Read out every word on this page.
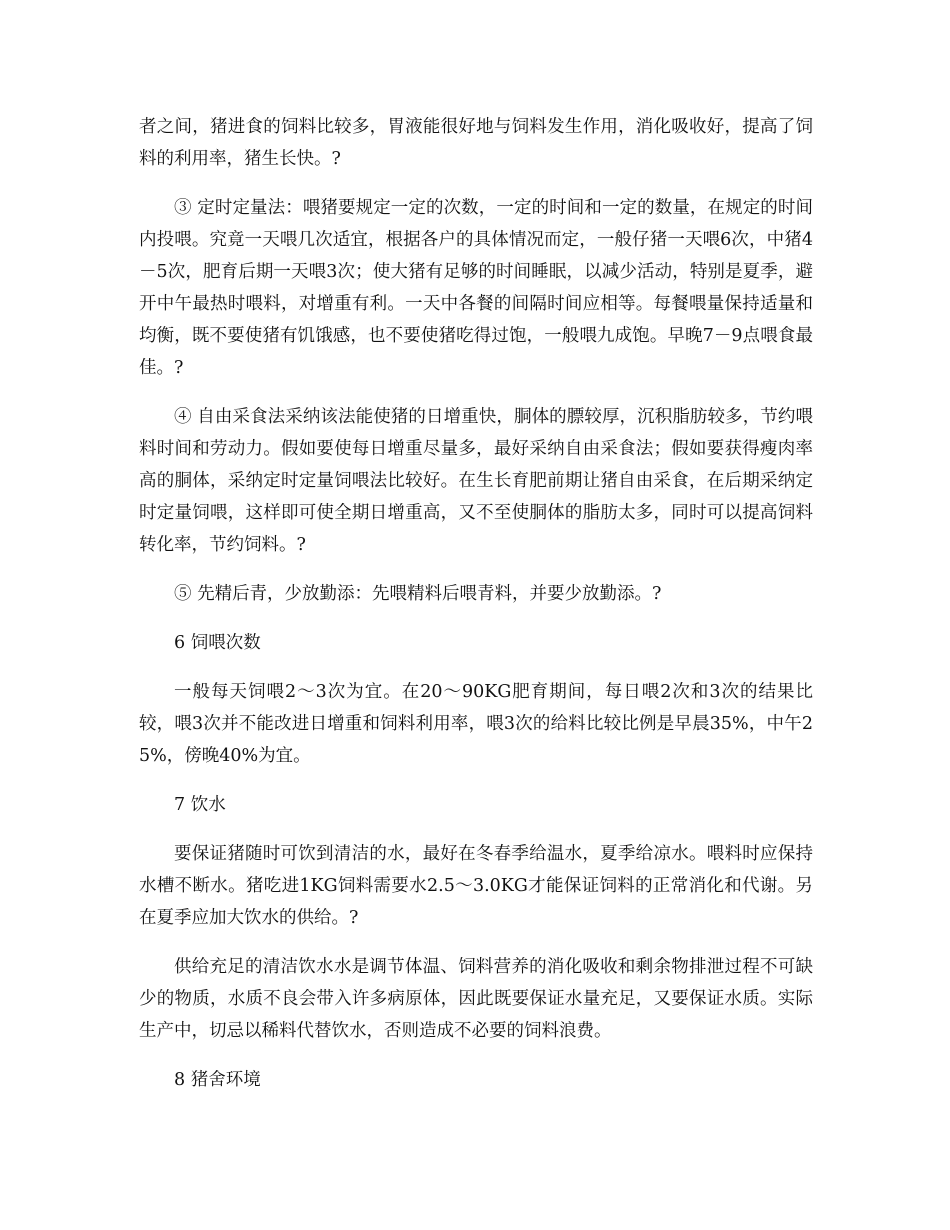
者之间，猪进食的饲料比较多，胃液能很好地与饲料发生作用，消化吸收好，提高了饲料的利用率，猪生长快。?

③ 定时定量法：喂猪要规定一定的次数，一定的时间和一定的数量，在规定的时间内投喂。究竟一天喂几次适宜，根据各户的具体情况而定，一般仔猪一天喂6次，中猪4－5次，肥育后期一天喂3次；使大猪有足够的时间睡眠，以减少活动，特别是夏季，避开中午最热时喂料，对增重有利。一天中各餐的间隔时间应相等。每餐喂量保持适量和均衡，既不要使猪有饥饿感，也不要使猪吃得过饱，一般喂九成饱。早晚7－9点喂食最佳。?

④ 自由采食法采纳该法能使猪的日增重快，胴体的膘较厚，沉积脂肪较多，节约喂料时间和劳动力。假如要使每日增重尽量多，最好采纳自由采食法；假如要获得瘦肉率高的胴体，采纳定时定量饲喂法比较好。在生长育肥前期让猪自由采食，在后期采纳定时定量饲喂，这样即可使全期日增重高，又不至使胴体的脂肪太多，同时可以提高饲料转化率，节约饲料。?

⑤ 先精后青，少放勤添：先喂精料后喂青料，并要少放勤添。?

6 饲喂次数

一般每天饲喂2～3次为宜。在20～90KG肥育期间，每日喂2次和3次的结果比较，喂3次并不能改进日增重和饲料利用率，喂3次的给料比较比例是早晨35%，中午25%，傍晚40%为宜。

7 饮水

要保证猪随时可饮到清洁的水，最好在冬春季给温水，夏季给凉水。喂料时应保持水槽不断水。猪吃进1KG饲料需要水2.5～3.0KG才能保证饲料的正常消化和代谢。另在夏季应加大饮水的供给。?

供给充足的清洁饮水水是调节体温、饲料营养的消化吸收和剩余物排泄过程不可缺少的物质，水质不良会带入许多病原体，因此既要保证水量充足，又要保证水质。实际生产中，切忌以稀料代替饮水，否则造成不必要的饲料浪费。

8 猪舍环境
